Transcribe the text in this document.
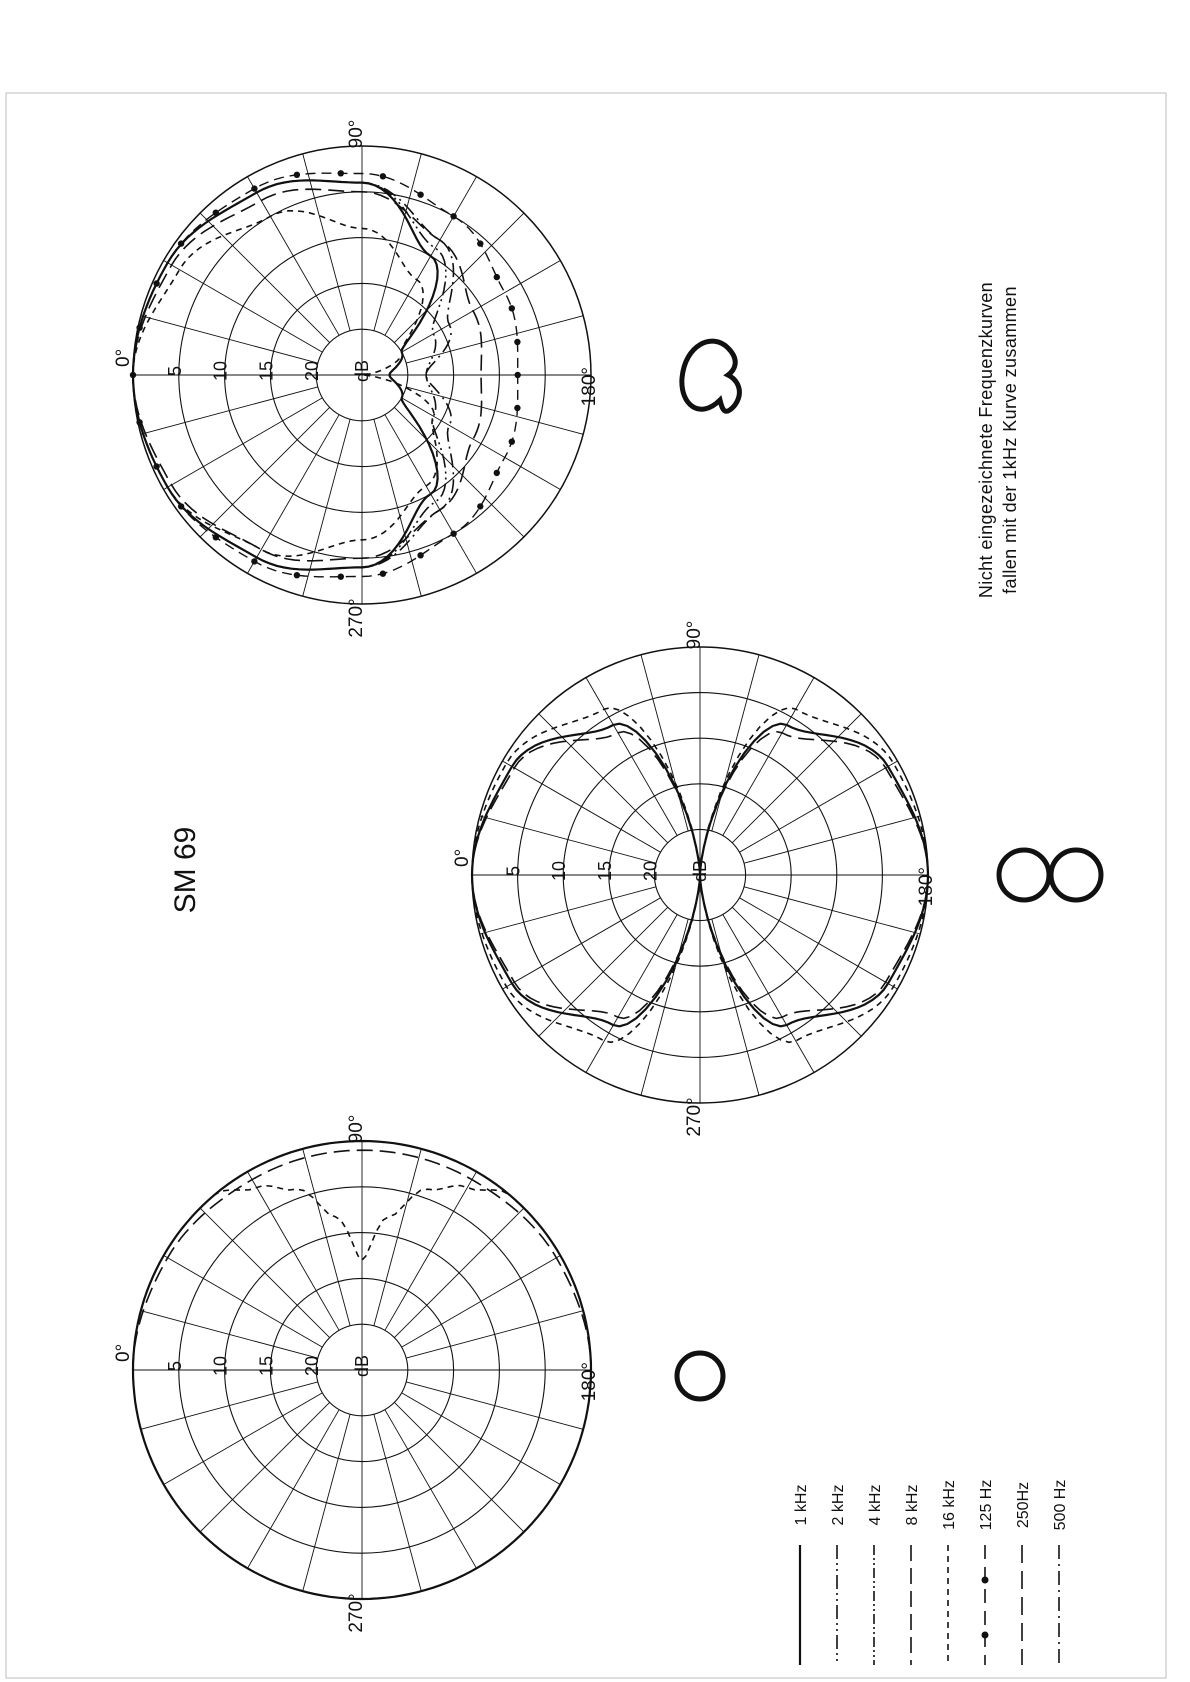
0°
90°
180°
270°
5 10 15 20 dB
0°
90°
180°
270°
5 10 15 20 dB
0°
90°
180°
270°
5 10 15 20 dB
SM 69
Nicht eingezeichnete Frequenzkurven fallen mit der 1kHz Kurve zusammen
1 kHz 2 kHz 4 kHz 8 kHz 16 kHz 125 Hz 250Hz 500 Hz
